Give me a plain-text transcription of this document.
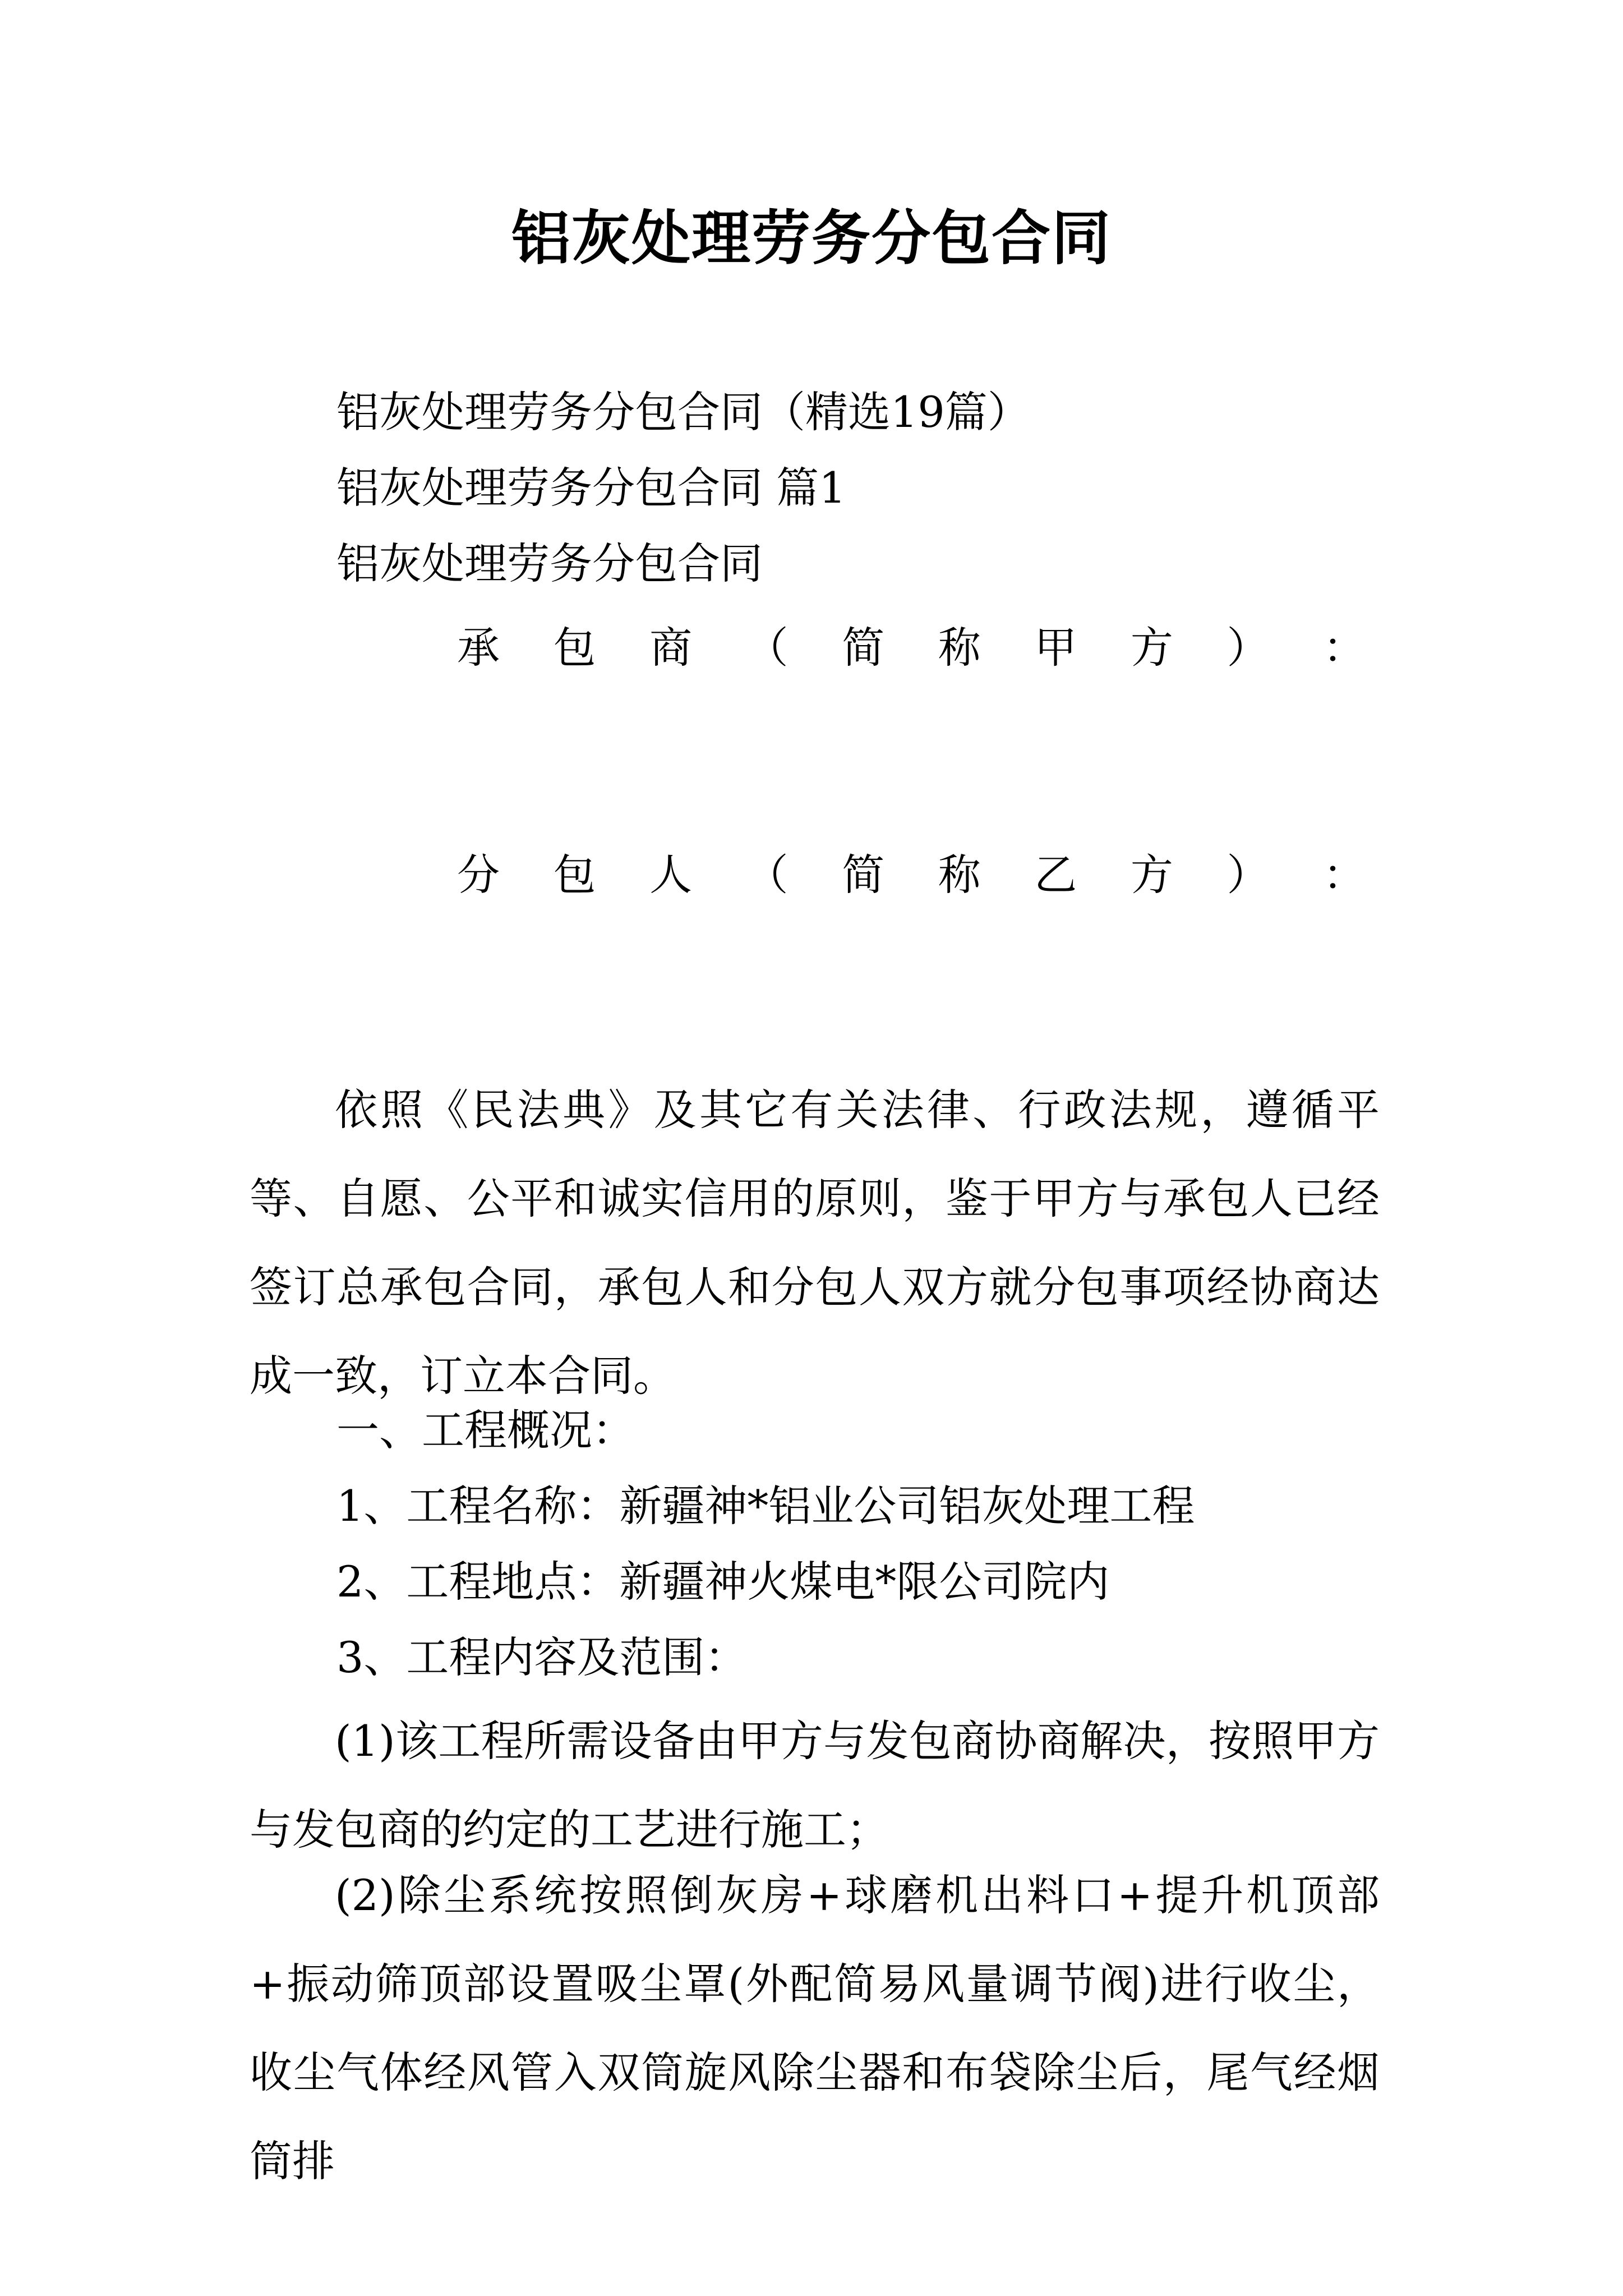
铝灰处理劳务分包合同
铝灰处理劳务分包合同（精选19篇）
铝灰处理劳务分包合同 篇1
铝灰处理劳务分包合同
承 包 商 （ 简 称 甲 方 ） ：
分 包 人 （ 简 称 乙 方 ） ：

依照《民法典》及其它有关法律、行政法规，遵循平等、自愿、公平和诚实信用的原则，鉴于甲方与承包人已经签订总承包合同，承包人和分包人双方就分包事项经协商达成一致，订立本合同。

一、工程概况：
1、工程名称：新疆神*铝业公司铝灰处理工程
2、工程地点：新疆神火煤电*限公司院内
3、工程内容及范围：

(1)该工程所需设备由甲方与发包商协商解决，按照甲方与发包商的约定的工艺进行施工；

(2)除尘系统按照倒灰房+球磨机出料口+提升机顶部+振动筛顶部设置吸尘罩(外配简易风量调节阀)进行收尘，收尘气体经风管入双筒旋风除尘器和布袋除尘后，尾气经烟筒排
